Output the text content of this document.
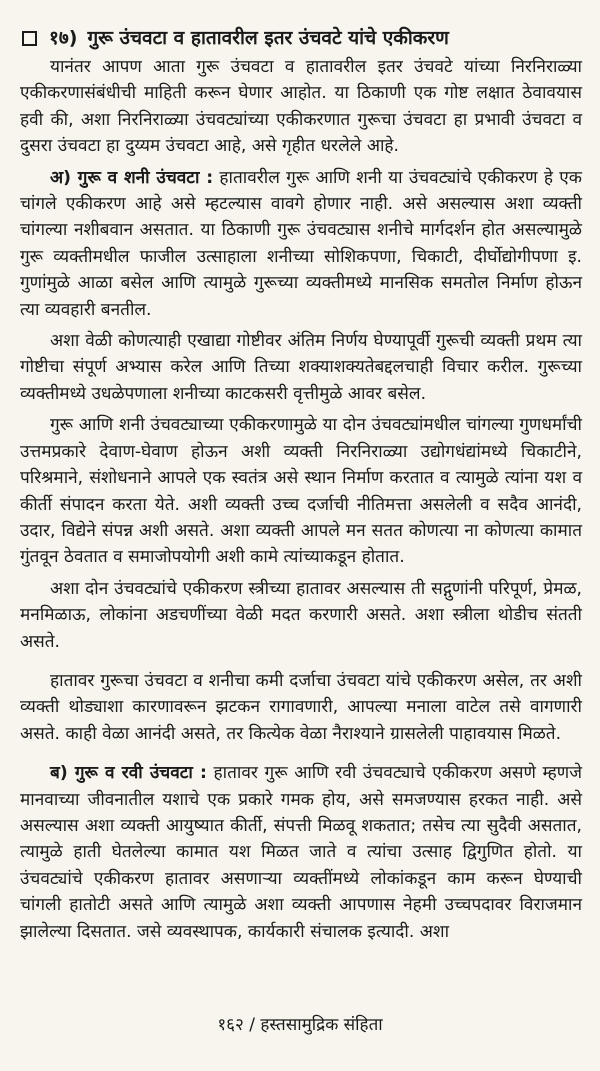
१७) गुरू उंचवटा व हातावरील इतर उंचवटे यांचे एकीकरण

यानंतर आपण आता गुरू उंचवटा व हातावरील इतर उंचवटे यांच्या निरनिराळ्या एकीकरणासंबंधीची माहिती करून घेणार आहोत. या ठिकाणी एक गोष्ट लक्षात ठेवावयास हवी की, अशा निरनिराळ्या उंचवट्यांच्या एकीकरणात गुरूचा उंचवटा हा प्रभावी उंचवटा व दुसरा उंचवटा हा दुय्यम उंचवटा आहे, असे गृहीत धरलेले आहे.

अ) गुरू व शनी उंचवटा : हातावरील गुरू आणि शनी या उंचवट्यांचे एकीकरण हे एक चांगले एकीकरण आहे असे म्हटल्यास वावगे होणार नाही. असे असल्यास अशा व्यक्ती चांगल्या नशीबवान असतात. या ठिकाणी गुरू उंचवट्यास शनीचे मार्गदर्शन होत असल्यामुळे गुरू व्यक्तीमधील फाजील उत्साहाला शनीच्या सोशिकपणा, चिकाटी, दीर्घोद्योगीपणा इ. गुणांमुळे आळा बसेल आणि त्यामुळे गुरूच्या व्यक्तीमध्ये मानसिक समतोल निर्माण होऊन त्या व्यवहारी बनतील.

अशा वेळी कोणत्याही एखाद्या गोष्टीवर अंतिम निर्णय घेण्यापूर्वी गुरूची व्यक्ती प्रथम त्या गोष्टीचा संपूर्ण अभ्यास करेल आणि तिच्या शक्याशक्यतेबद्दलचाही विचार करील. गुरूच्या व्यक्तीमध्ये उधळेपणाला शनीच्या काटकसरी वृत्तीमुळे आवर बसेल.

गुरू आणि शनी उंचवट्याच्या एकीकरणामुळे या दोन उंचवट्यांमधील चांगल्या गुणधर्मांची उत्तमप्रकारे देवाण-घेवाण होऊन अशी व्यक्ती निरनिराळ्या उद्योगधंद्यांमध्ये चिकाटीने, परिश्रमाने, संशोधनाने आपले एक स्वतंत्र असे स्थान निर्माण करतात व त्यामुळे त्यांना यश व कीर्ती संपादन करता येते. अशी व्यक्ती उच्च दर्जाची नीतिमत्ता असलेली व सदैव आनंदी, उदार, विद्येने संपन्न अशी असते. अशा व्यक्ती आपले मन सतत कोणत्या ना कोणत्या कामात गुंतवून ठेवतात व समाजोपयोगी अशी कामे त्यांच्याकडून होतात.

अशा दोन उंचवट्यांचे एकीकरण स्त्रीच्या हातावर असल्यास ती सद्गुणांनी परिपूर्ण, प्रेमळ, मनमिळाऊ, लोकांना अडचणींच्या वेळी मदत करणारी असते. अशा स्त्रीला थोडीच संतती असते.

हातावर गुरूचा उंचवटा व शनीचा कमी दर्जाचा उंचवटा यांचे एकीकरण असेल, तर अशी व्यक्ती थोड्याशा कारणावरून झटकन रागावणारी, आपल्या मनाला वाटेल तसे वागणारी असते. काही वेळा आनंदी असते, तर कित्येक वेळा नैराश्याने ग्रासलेली पाहावयास मिळते.

ब) गुरू व रवी उंचवटा : हातावर गुरू आणि रवी उंचवट्याचे एकीकरण असणे म्हणजे मानवाच्या जीवनातील यशाचे एक प्रकारे गमक होय, असे समजण्यास हरकत नाही. असे असल्यास अशा व्यक्ती आयुष्यात कीर्ती, संपत्ती मिळवू शकतात; तसेच त्या सुदैवी असतात, त्यामुळे हाती घेतलेल्या कामात यश मिळत जाते व त्यांचा उत्साह द्विगुणित होतो. या उंचवट्यांचे एकीकरण हातावर असणाऱ्या व्यक्तींमध्ये लोकांकडून काम करून घेण्याची चांगली हातोटी असते आणि त्यामुळे अशा व्यक्ती आपणास नेहमी उच्चपदावर विराजमान झालेल्या दिसतात. जसे व्यवस्थापक, कार्यकारी संचालक इत्यादी. अशा

१६२ / हस्तसामुद्रिक संहिता
